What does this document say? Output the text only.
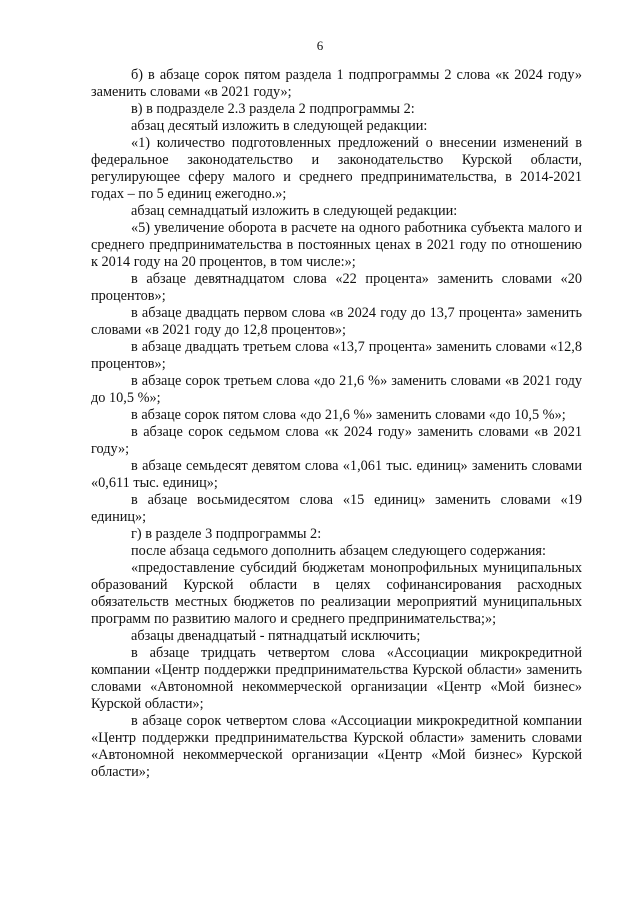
6

б) в абзаце сорок пятом раздела 1 подпрограммы 2 слова «к 2024 году» заменить словами «в 2021 году»;

в) в подразделе 2.3 раздела 2 подпрограммы 2:

абзац десятый изложить в следующей редакции:

«1) количество подготовленных предложений о внесении изменений в федеральное законодательство и законодательство Курской области, регулирующее сферу малого и среднего предпринимательства, в 2014-2021 годах – по 5 единиц ежегодно.»;

абзац семнадцатый изложить в следующей редакции:

«5) увеличение оборота в расчете на одного работника субъекта малого и среднего предпринимательства в постоянных ценах в 2021 году по отношению к 2014 году на 20 процентов, в том числе:»;

в абзаце девятнадцатом слова «22 процента» заменить словами «20 процентов»;

в абзаце двадцать первом слова «в 2024 году до 13,7 процента» заменить словами «в 2021 году до 12,8 процентов»;

в абзаце двадцать третьем слова «13,7 процента» заменить словами «12,8 процентов»;

в абзаце сорок третьем слова «до 21,6 %» заменить словами «в 2021 году до 10,5 %»;

в абзаце сорок пятом слова «до 21,6 %» заменить словами «до 10,5 %»;

в абзаце сорок седьмом слова «к 2024 году» заменить словами «в 2021 году»;

в абзаце семьдесят девятом слова «1,061 тыс. единиц» заменить словами «0,611 тыс. единиц»;

в абзаце восьмидесятом слова «15 единиц» заменить словами «19 единиц»;

г) в разделе 3 подпрограммы 2:

после абзаца седьмого дополнить абзацем следующего содержания:

«предоставление субсидий бюджетам монопрофильных муниципальных образований Курской области в целях софинансирования расходных обязательств местных бюджетов по реализации мероприятий муниципальных программ по развитию малого и среднего предпринимательства;»;

абзацы двенадцатый - пятнадцатый исключить;

в абзаце тридцать четвертом слова «Ассоциации микрокредитной компании «Центр поддержки предпринимательства Курской области» заменить словами «Автономной некоммерческой организации «Центр «Мой бизнес» Курской области»;

в абзаце сорок четвертом слова «Ассоциации микрокредитной компании «Центр поддержки предпринимательства Курской области» заменить словами «Автономной некоммерческой организации «Центр «Мой бизнес» Курской области»;
